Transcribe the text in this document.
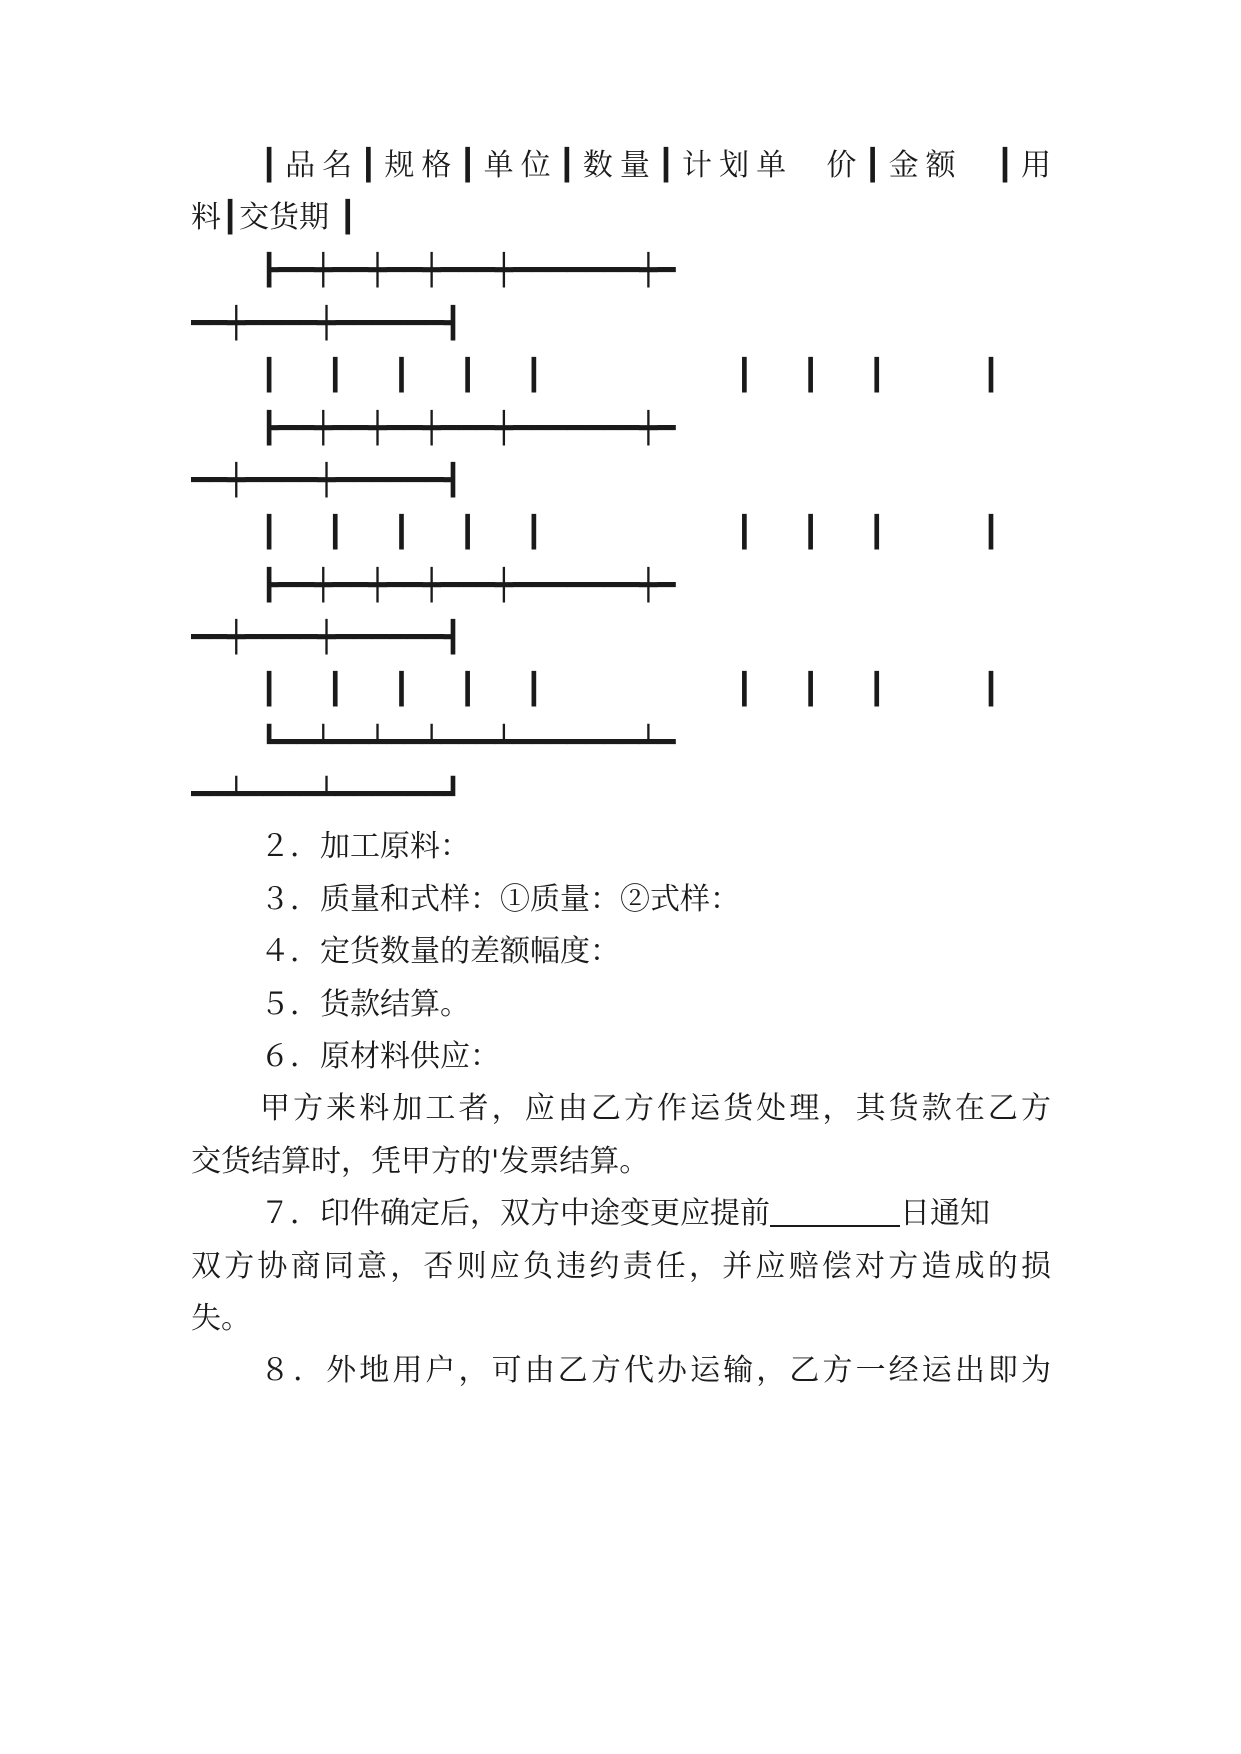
┃品名┃规格┃单位┃数量┃计划单  价┃金额  ┃用
料┃交货期 ┃
┣━━┿━━┿━━┿━━━┿━━━━━━━┿━
━━┿━━━━┿━━━━━━┫
┃ ┃ ┃ ┃ ┃    ┃ ┃ ┃  ┃
┣━━┿━━┿━━┿━━━┿━━━━━━━┿━
━━┿━━━━┿━━━━━━┫
┃ ┃ ┃ ┃ ┃    ┃ ┃ ┃  ┃
┣━━┿━━┿━━┿━━━┿━━━━━━━┿━
━━┿━━━━┿━━━━━━┫
┃ ┃ ┃ ┃ ┃    ┃ ┃ ┃  ┃
┗━━┷━━┷━━┷━━━┷━━━━━━━┷━
━━┷━━━━┷━━━━━━┛
２．加工原料：
３．质量和式样：①质量：②式样：
４．定货数量的差额幅度：
５．货款结算。
６．原材料供应：
甲方来料加工者，应由乙方作运货处理，其货款在乙方
交货结算时，凭甲方的'发票结算。
７．印件确定后，双方中途变更应提前	日通知
双方协商同意，否则应负违约责任，并应赔偿对方造成的损
失。
８．外地用户，可由乙方代办运输，乙方一经运出即为
